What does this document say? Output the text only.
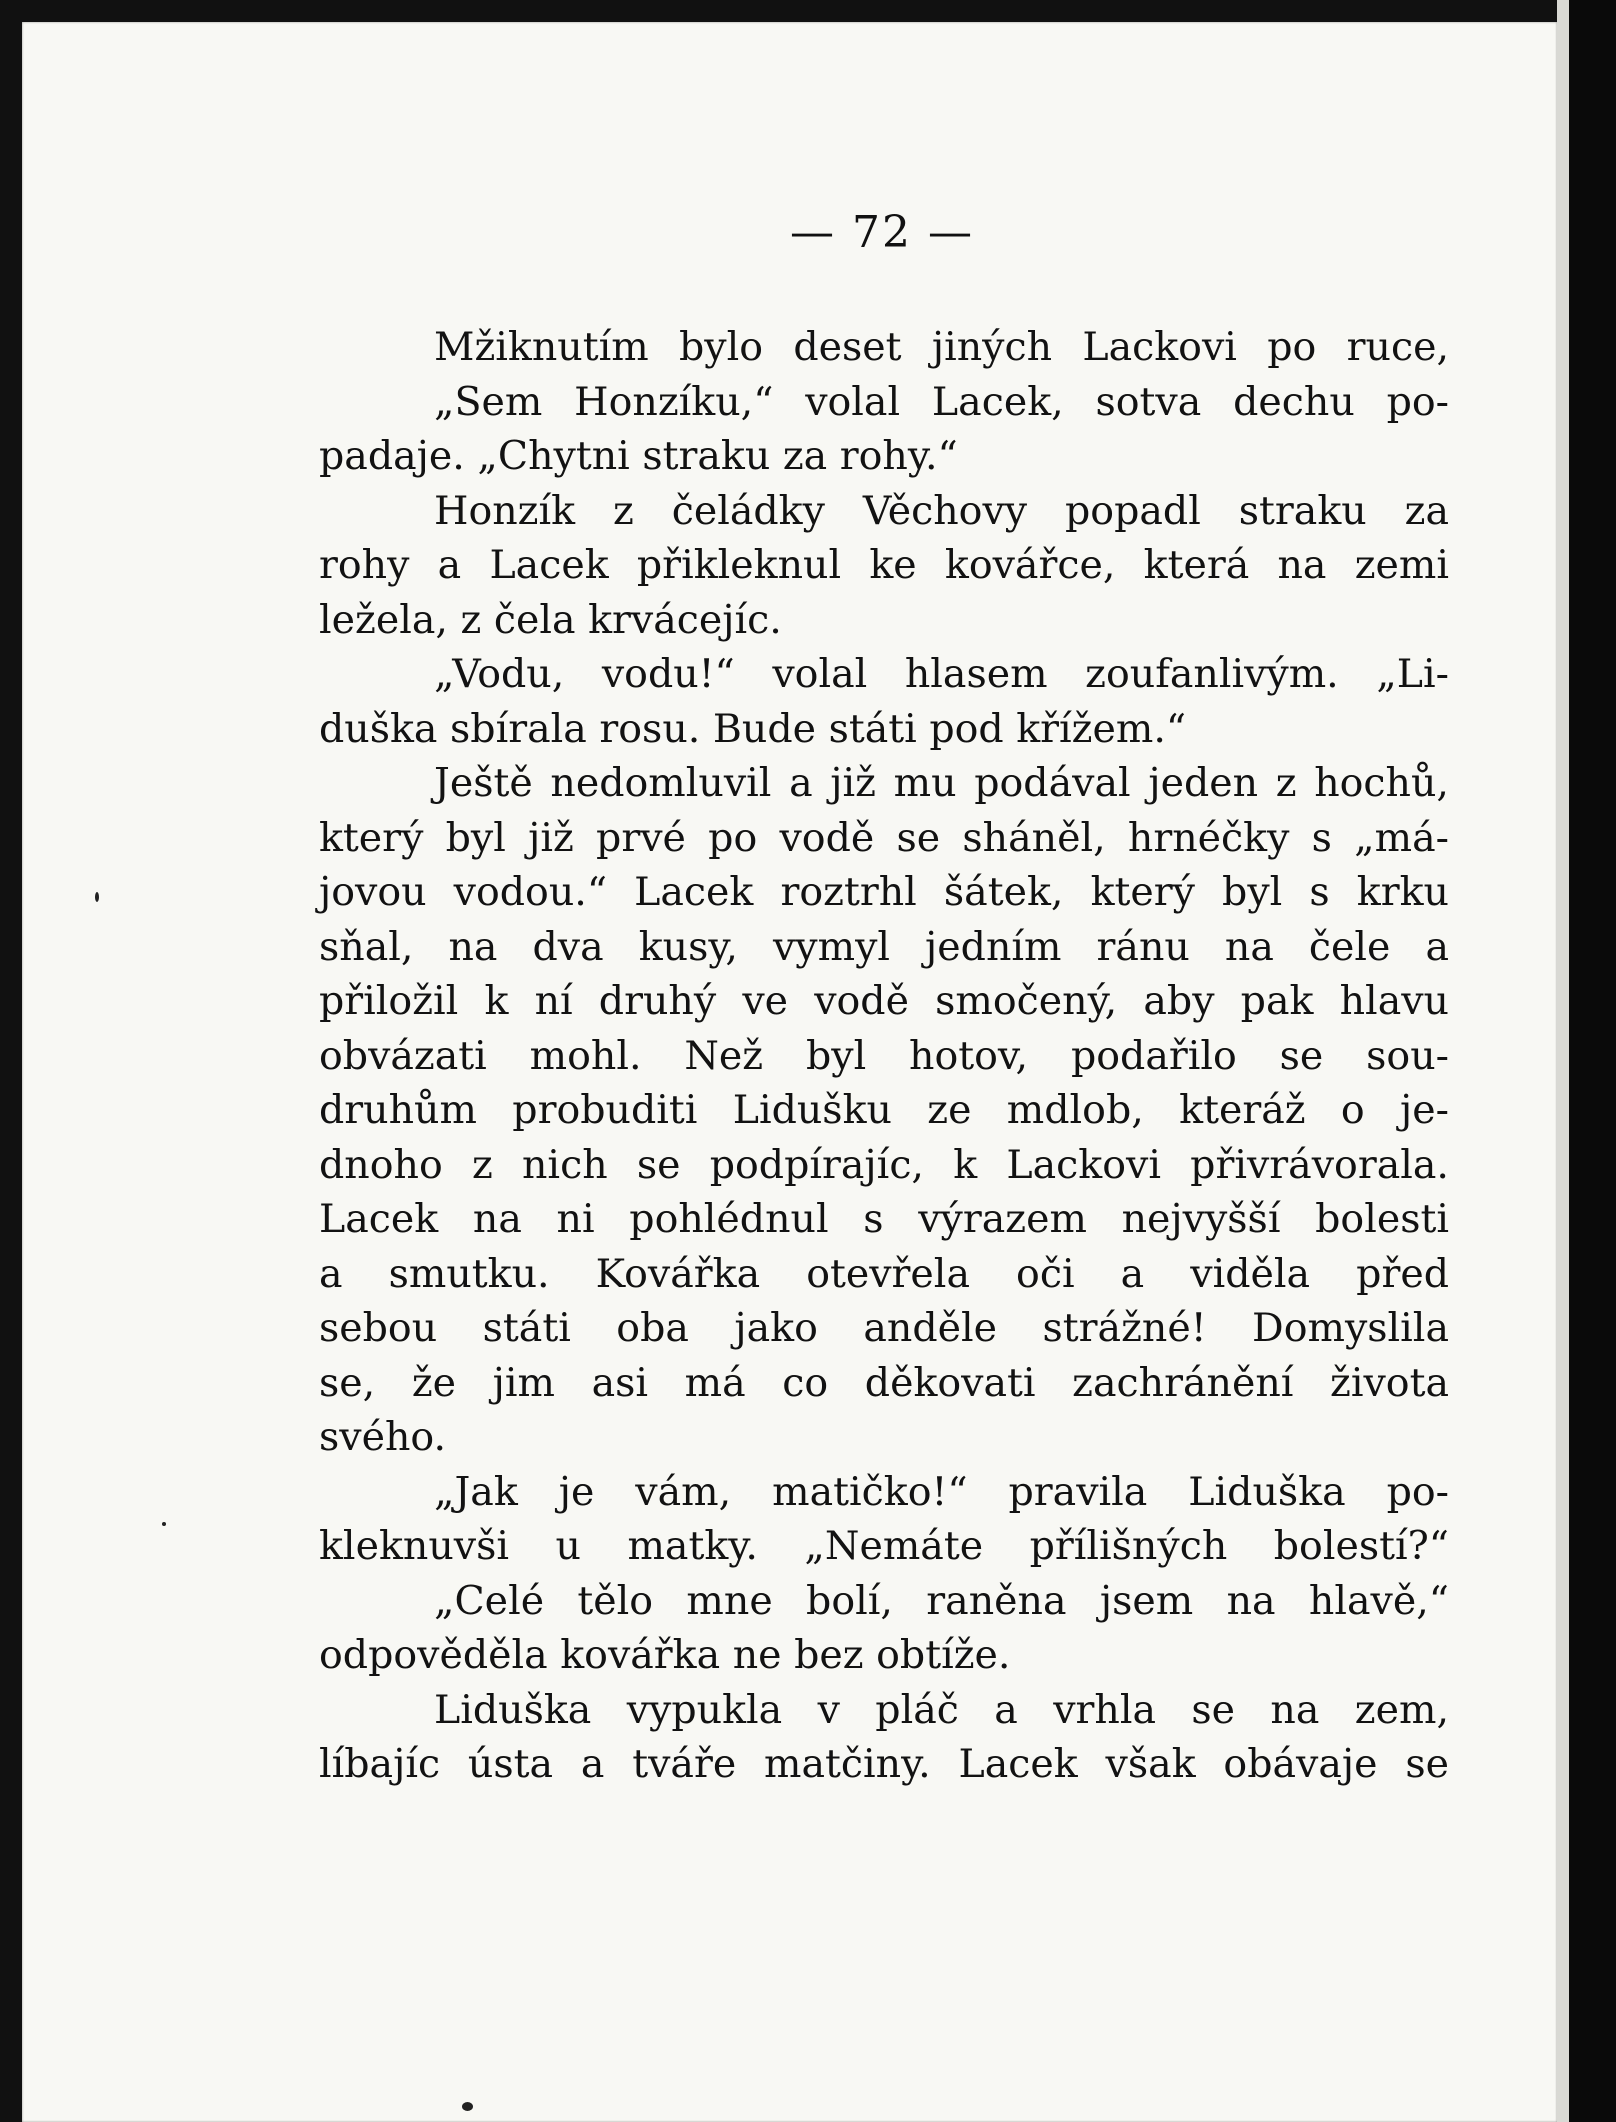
— 72 —
Mžiknutím bylo deset jiných Lackovi po ruce,
„Sem Honzíku,“ volal Lacek, sotva dechu po-
padaje. „Chytni straku za rohy.“
Honzík z čeládky Věchovy popadl straku za
rohy a Lacek přikleknul ke kovářce, která na zemi
ležela, z čela krvácejíc.
„Vodu, vodu!“ volal hlasem zoufanlivým. „Li-
duška sbírala rosu. Bude státi pod křížem.“
Ještě nedomluvil a již mu podával jeden z hochů,
který byl již prvé po vodě se sháněl, hrnéčky s „má-
jovou vodou.“ Lacek roztrhl šátek, který byl s krku
sňal, na dva kusy, vymyl jedním ránu na čele a
přiložil k ní druhý ve vodě smočený, aby pak hlavu
obvázati mohl. Než byl hotov, podařilo se sou-
druhům probuditi Lidušku ze mdlob, kteráž o je-
dnoho z nich se podpírajíc, k Lackovi přivrávorala.
Lacek na ni pohlédnul s výrazem nejvyšší bolesti
a smutku. Kovářka otevřela oči a viděla před
sebou státi oba jako anděle strážné! Domyslila
se, že jim asi má co děkovati zachránění života
svého.
„Jak je vám, matičko!“ pravila Liduška po-
kleknuvši u matky. „Nemáte přílišných bolestí?“
„Celé tělo mne bolí, raněna jsem na hlavě,“
odpověděla kovářka ne bez obtíže.
Liduška vypukla v pláč a vrhla se na zem,
líbajíc ústa a tváře matčiny. Lacek však obávaje se
